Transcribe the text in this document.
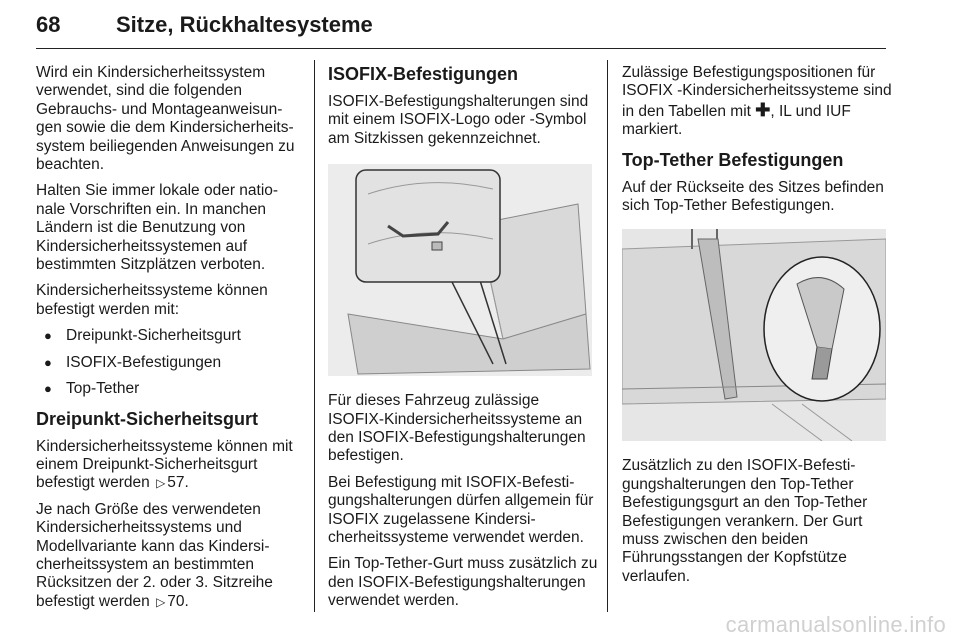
68	Sitze, Rückhaltesysteme

Wird ein Kindersicherheitssystem verwendet, sind die folgenden Gebrauchs- und Montageanweisungen sowie die dem Kindersicherheitssystem beiliegenden Anweisungen zu beachten.

Halten Sie immer lokale oder nationale Vorschriften ein. In manchen Ländern ist die Benutzung von Kindersicherheitssystemen auf bestimmten Sitzplätzen verboten.

Kindersicherheitssysteme können befestigt werden mit:

● Dreipunkt-Sicherheitsgurt
● ISOFIX-Befestigungen
● Top-Tether
Dreipunkt-Sicherheitsgurt

Kindersicherheitssysteme können mit einem Dreipunkt-Sicherheitsgurt befestigt werden ▷ 57.

Je nach Größe des verwendeten Kindersicherheitssystems und Modellvariante kann das Kindersicherheitssystem an bestimmten Rücksitzen der 2. oder 3. Sitzreihe befestigt werden ▷ 70.

ISOFIX-Befestigungen

ISOFIX-Befestigungshalterungen sind mit einem ISOFIX-Logo oder -Symbol am Sitzkissen gekennzeichnet.

Für dieses Fahrzeug zulässige ISOFIX-Kindersicherheitssysteme an den ISOFIX-Befestigungshalterungen befestigen.

Bei Befestigung mit ISOFIX-Befestigungshalterungen dürfen allgemein für ISOFIX zugelassene Kindersicherheitssysteme verwendet werden.

Ein Top-Tether-Gurt muss zusätzlich zu den ISOFIX-Befestigungshalterungen verwendet werden.

Zulässige Befestigungspositionen für ISOFIX -Kindersicherheitssysteme sind in den Tabellen mit ✚, IL und IUF markiert.

Top-Tether Befestigungen

Auf der Rückseite des Sitzes befinden sich Top-Tether Befestigungen.

Zusätzlich zu den ISOFIX-Befestigungshalterungen den Top-Tether Befestigungsgurt an den Top-Tether Befestigungen verankern. Der Gurt muss zwischen den beiden Führungsstangen der Kopfstütze verlaufen.

carmanualsonline.info
